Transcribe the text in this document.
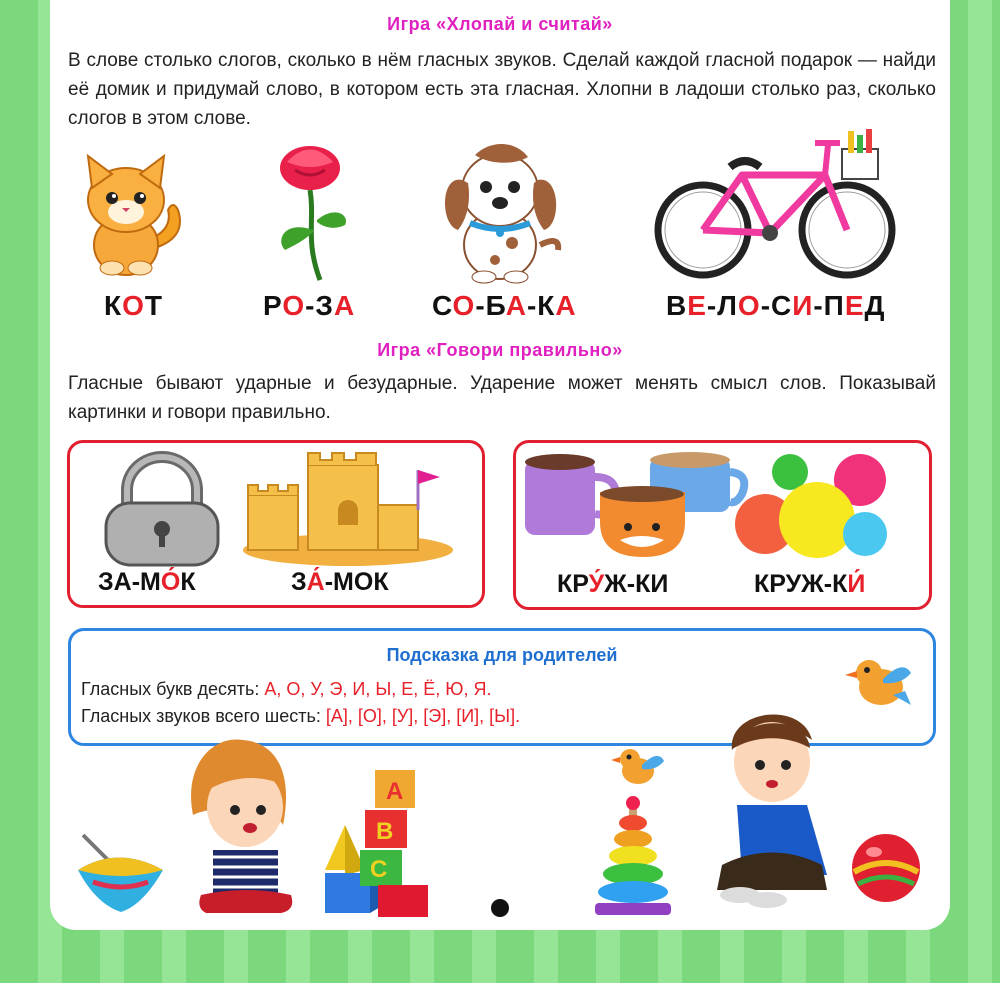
Игра «Хлопай и считай»
В слове столько слогов, сколько в нём гласных звуков. Сделай каждой гласной подарок — найди её домик и придумай слово, в котором есть эта гласная. Хлопни в ладоши столько раз, сколько слогов в этом слове.
КОТ	РО-ЗА	СО-БА-КА	ВЕ-ЛО-СИ-ПЕД
Игра «Говори правильно»
Гласные бывают ударные и безударные. Ударение может менять смысл слов. Показывай картинки и говори правильно.
ЗА-МО́К	ЗА́-МОК	КРУ́Ж-КИ	КРУЖ-КИ́
Подсказка для родителей
Гласных букв десять: А, О, У, Э, И, Ы, Е, Ё, Ю, Я.
Гласных звуков всего шесть: [А], [О], [У], [Э], [И], [Ы].
А
В
С
